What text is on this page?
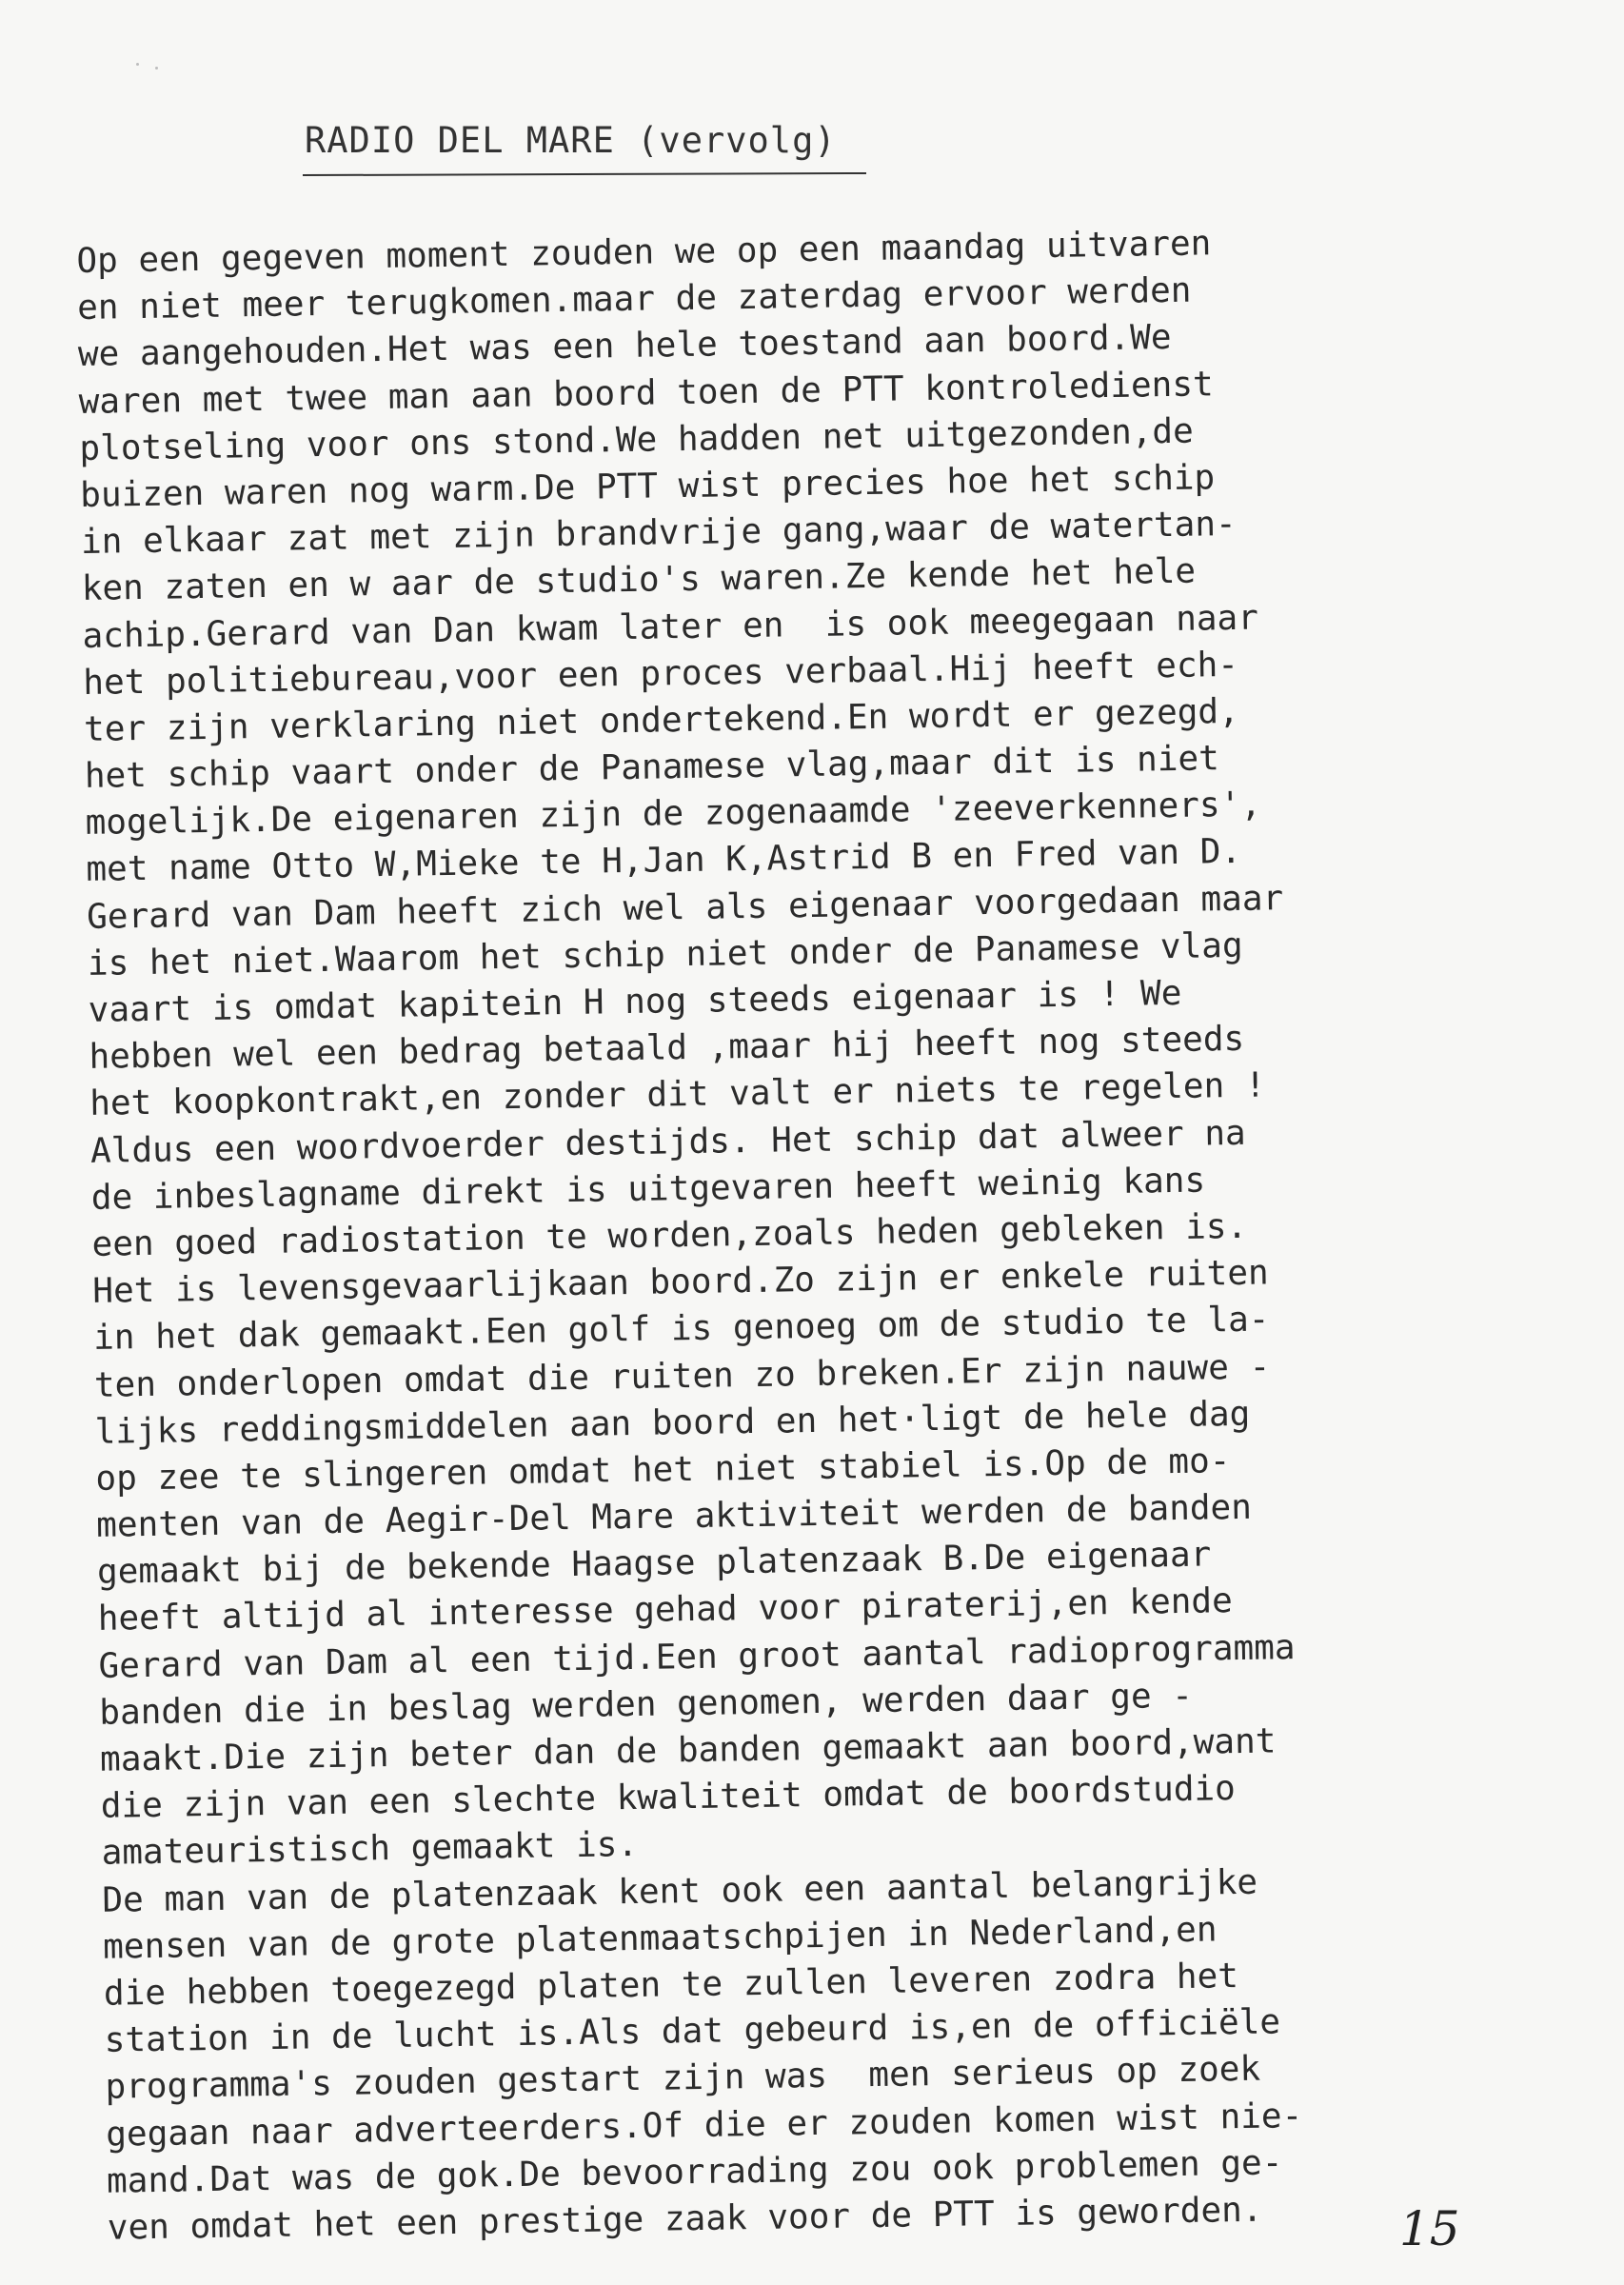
RADIO DEL MARE (vervolg)
Op een gegeven moment zouden we op een maandag uitvaren
en niet meer terugkomen.maar de zaterdag ervoor werden
we aangehouden.Het was een hele toestand aan boord.We
waren met twee man aan boord toen de PTT kontroledienst
plotseling voor ons stond.We hadden net uitgezonden,de
buizen waren nog warm.De PTT wist precies hoe het schip
in elkaar zat met zijn brandvrije gang,waar de watertan-
ken zaten en w aar de studio's waren.Ze kende het hele
achip.Gerard van Dan kwam later en  is ook meegegaan naar
het politiebureau,voor een proces verbaal.Hij heeft ech-
ter zijn verklaring niet ondertekend.En wordt er gezegd,
het schip vaart onder de Panamese vlag,maar dit is niet
mogelijk.De eigenaren zijn de zogenaamde 'zeeverkenners',
met name Otto W,Mieke te H,Jan K,Astrid B en Fred van D.
Gerard van Dam heeft zich wel als eigenaar voorgedaan maar
is het niet.Waarom het schip niet onder de Panamese vlag
vaart is omdat kapitein H nog steeds eigenaar is ! We
hebben wel een bedrag betaald ,maar hij heeft nog steeds
het koopkontrakt,en zonder dit valt er niets te regelen !
Aldus een woordvoerder destijds. Het schip dat alweer na
de inbeslagname direkt is uitgevaren heeft weinig kans
een goed radiostation te worden,zoals heden gebleken is.
Het is levensgevaarlijkaan boord.Zo zijn er enkele ruiten
in het dak gemaakt.Een golf is genoeg om de studio te la-
ten onderlopen omdat die ruiten zo breken.Er zijn nauwe -
lijks reddingsmiddelen aan boord en het·ligt de hele dag
op zee te slingeren omdat het niet stabiel is.Op de mo-
menten van de Aegir-Del Mare aktiviteit werden de banden
gemaakt bij de bekende Haagse platenzaak B.De eigenaar
heeft altijd al interesse gehad voor piraterij,en kende
Gerard van Dam al een tijd.Een groot aantal radioprogramma
banden die in beslag werden genomen, werden daar ge -
maakt.Die zijn beter dan de banden gemaakt aan boord,want
die zijn van een slechte kwaliteit omdat de boordstudio
amateuristisch gemaakt is.
De man van de platenzaak kent ook een aantal belangrijke
mensen van de grote platenmaatschpijen in Nederland,en
die hebben toegezegd platen te zullen leveren zodra het
station in de lucht is.Als dat gebeurd is,en de officiële
programma's zouden gestart zijn was  men serieus op zoek
gegaan naar adverteerders.Of die er zouden komen wist nie-
mand.Dat was de gok.De bevoorrading zou ook problemen ge-
ven omdat het een prestige zaak voor de PTT is geworden.	15
